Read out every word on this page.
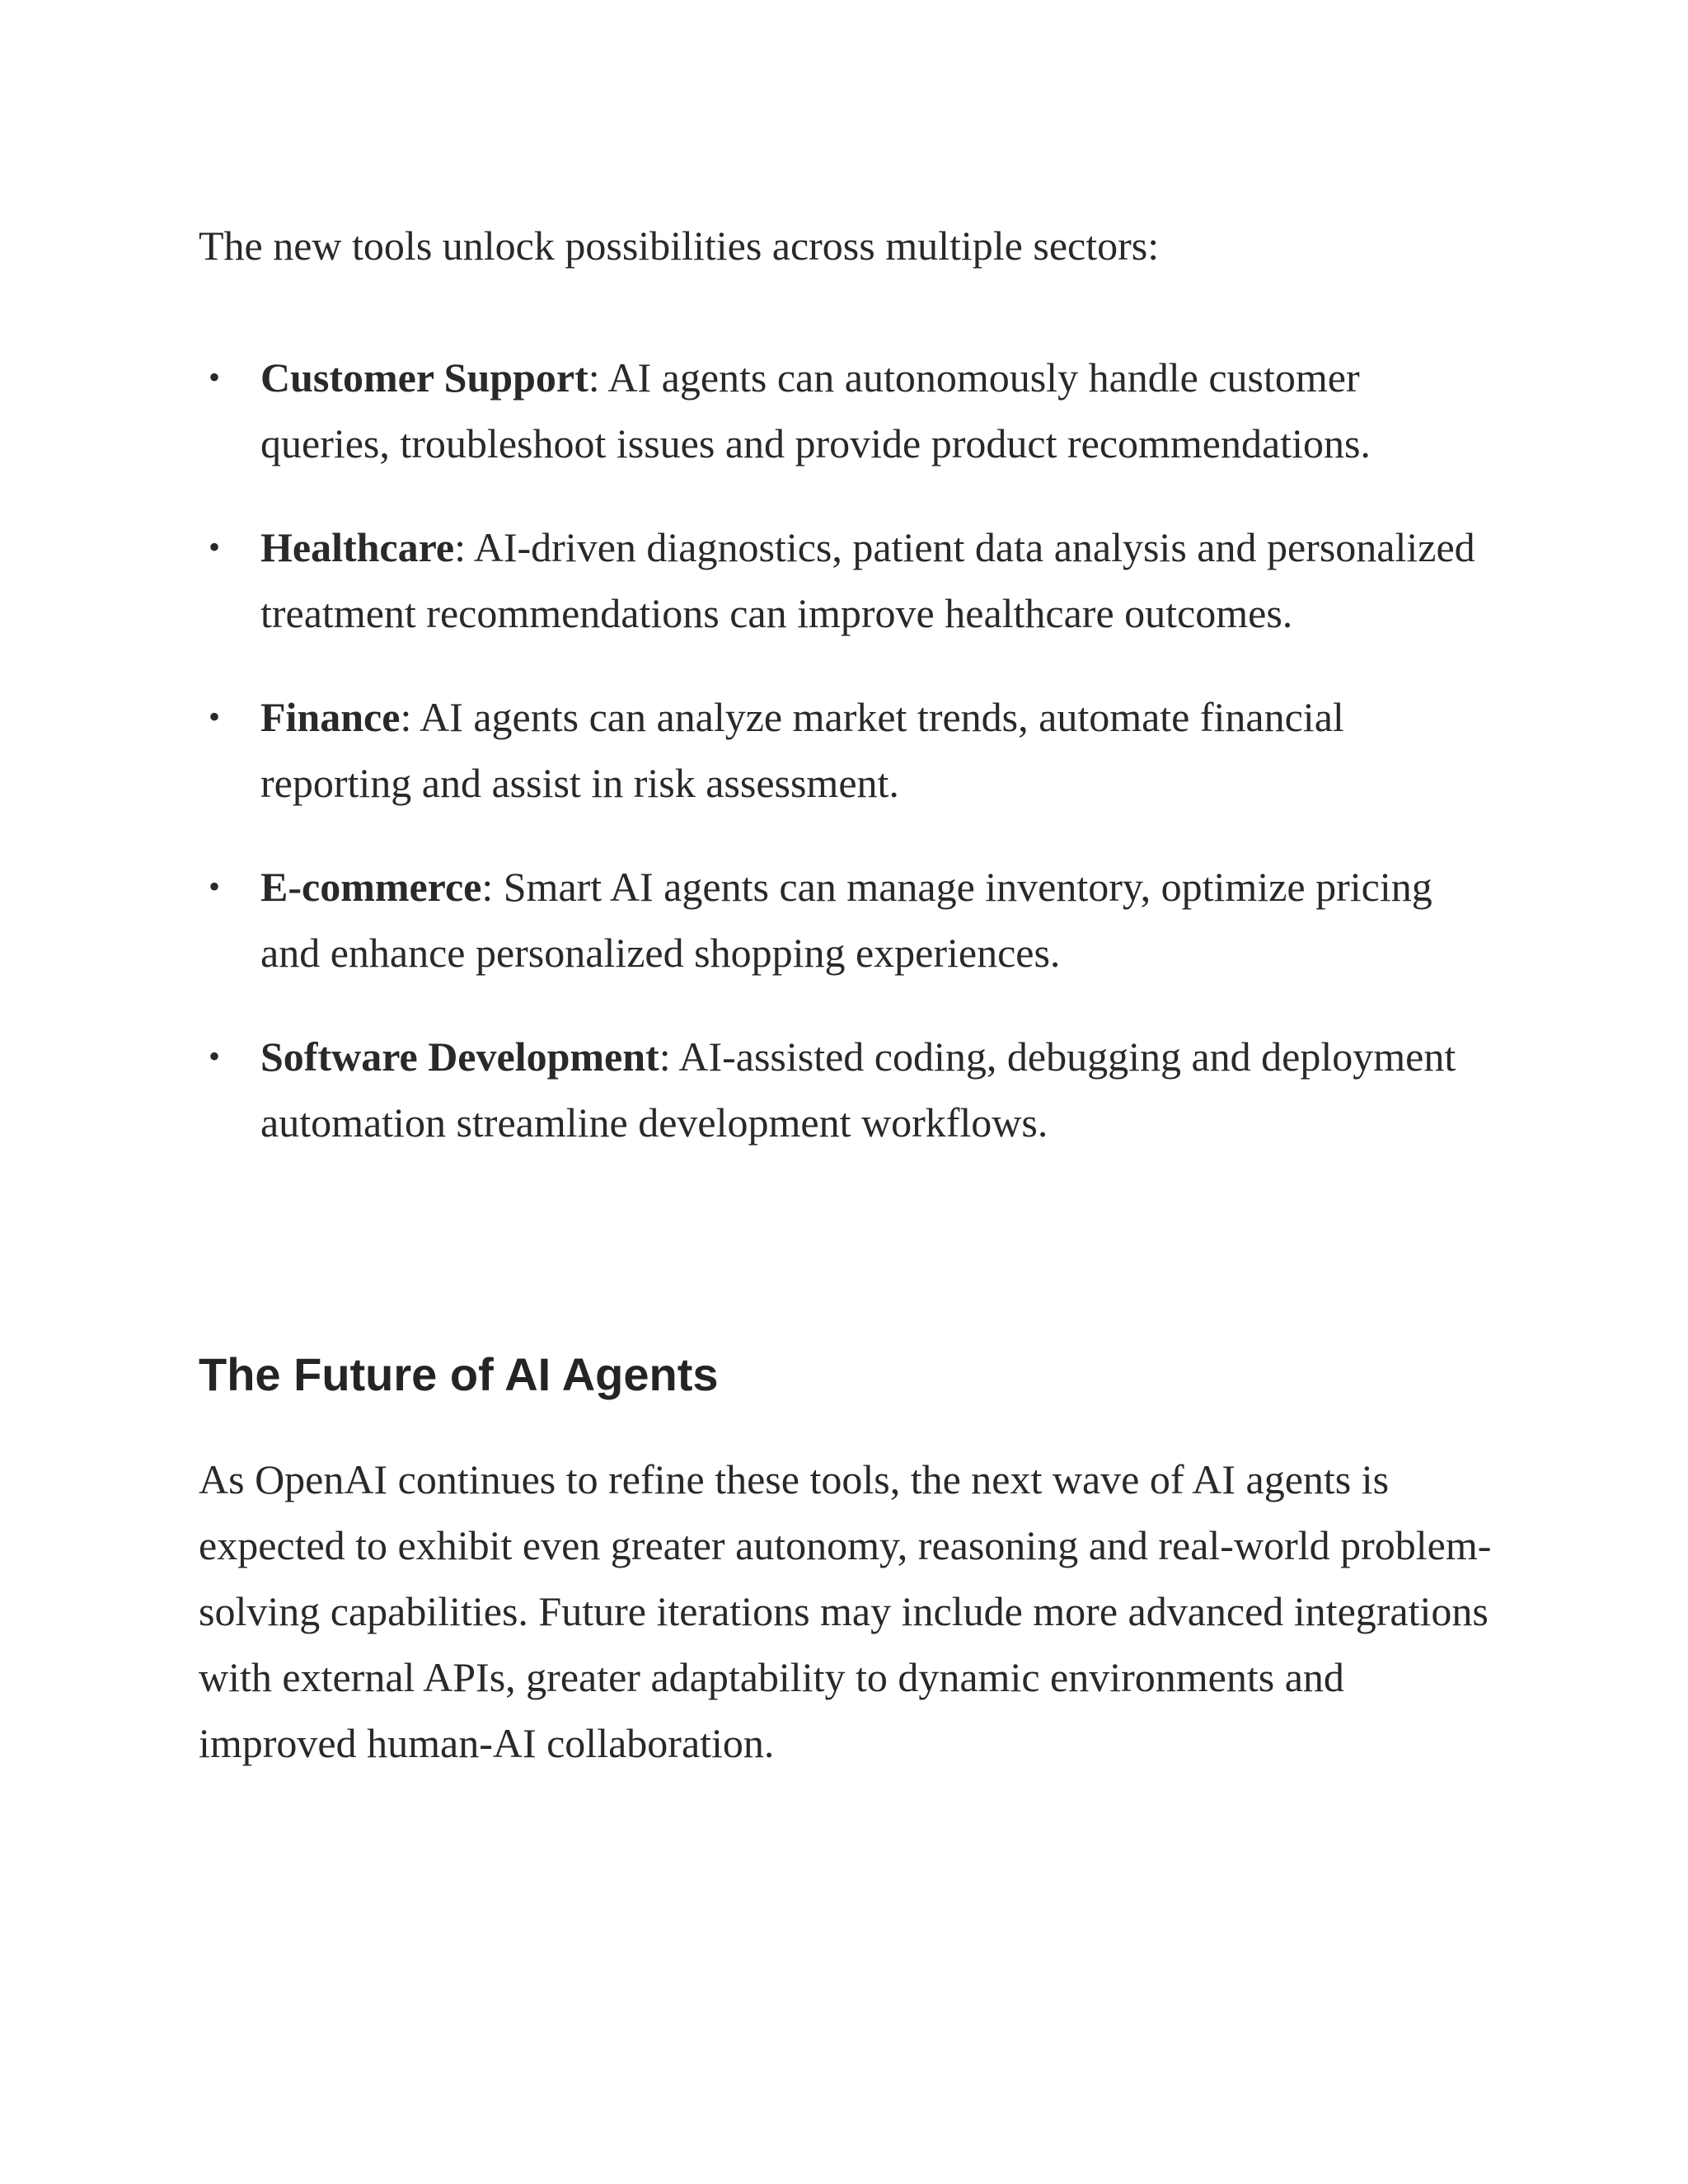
The new tools unlock possibilities across multiple sectors:

• Customer Support: AI agents can autonomously handle customer queries, troubleshoot issues and provide product recommendations.
• Healthcare: AI-driven diagnostics, patient data analysis and personalized treatment recommendations can improve healthcare outcomes.
• Finance: AI agents can analyze market trends, automate financial reporting and assist in risk assessment.
• E-commerce: Smart AI agents can manage inventory, optimize pricing and enhance personalized shopping experiences.
• Software Development: AI-assisted coding, debugging and deployment automation streamline development workflows.
The Future of AI Agents

As OpenAI continues to refine these tools, the next wave of AI agents is expected to exhibit even greater autonomy, reasoning and real-world problem-solving capabilities. Future iterations may include more advanced integrations with external APIs, greater adaptability to dynamic environments and improved human-AI collaboration.
